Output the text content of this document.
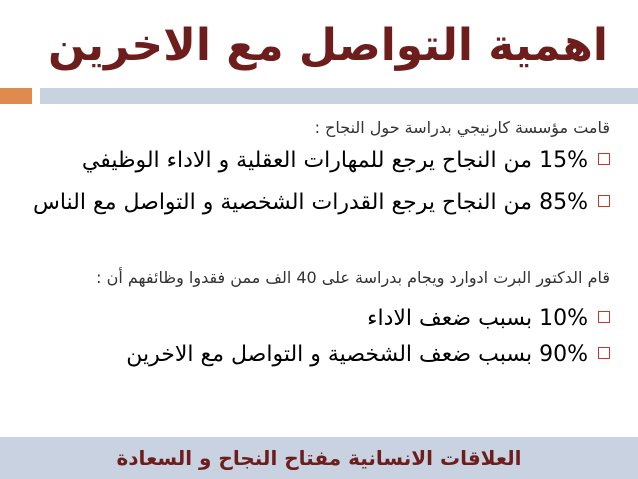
اهمية التواصل مع الاخرين
قامت مؤسسة كارنيجي بدراسة حول النجاح :
15% من النجاح يرجع للمهارات العقلية و الاداء الوظيفي
85% من النجاح يرجع القدرات الشخصية و التواصل مع الناس
قام الدكتور البرت ادوارد ويجام بدراسة على 40 الف ممن فقدوا وظائفهم أن :
10% بسبب ضعف الاداء
90% بسبب ضعف الشخصية و التواصل مع الاخرين
العلاقات الانسانية مفتاح النجاح و السعادة
